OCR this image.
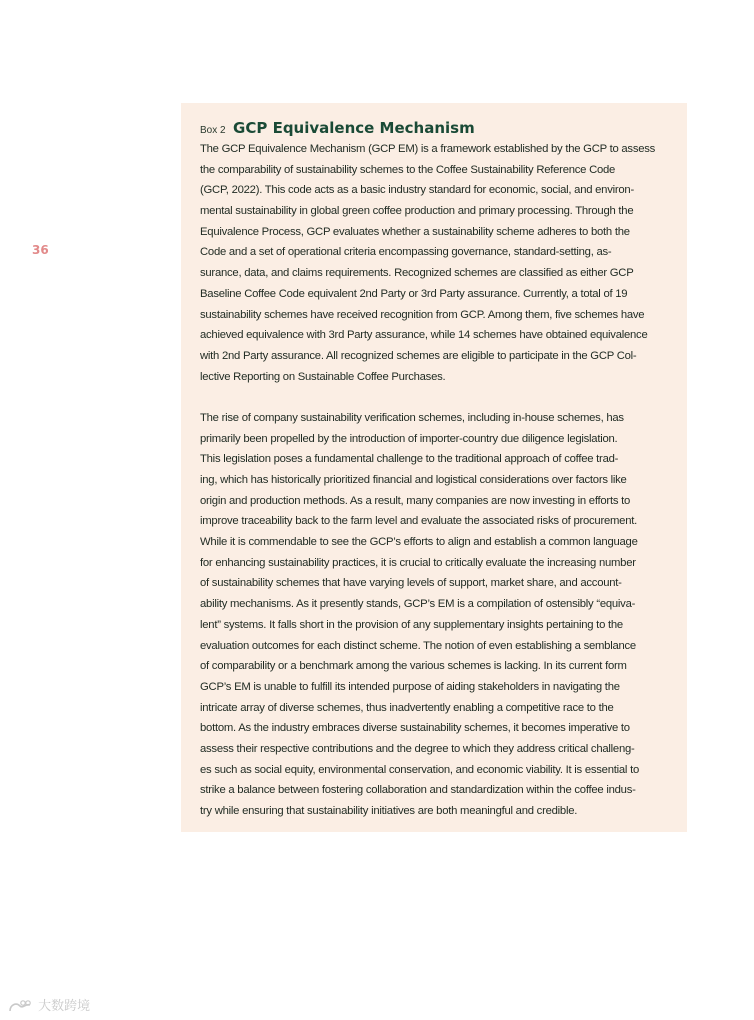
36
Box 2 GCP Equivalence Mechanism

The GCP Equivalence Mechanism (GCP EM) is a framework established by the GCP to assess
the comparability of sustainability schemes to the Coffee Sustainability Reference Code
(GCP, 2022). This code acts as a basic industry standard for economic, social, and environ-
mental sustainability in global green coffee production and primary processing. Through the
Equivalence Process, GCP evaluates whether a sustainability scheme adheres to both the
Code and a set of operational criteria encompassing governance, standard-setting, as-
surance, data, and claims requirements. Recognized schemes are classified as either GCP
Baseline Coffee Code equivalent 2nd Party or 3rd Party assurance. Currently, a total of 19
sustainability schemes have received recognition from GCP. Among them, five schemes have
achieved equivalence with 3rd Party assurance, while 14 schemes have obtained equivalence
with 2nd Party assurance. All recognized schemes are eligible to participate in the GCP Col-
lective Reporting on Sustainable Coffee Purchases.

The rise of company sustainability verification schemes, including in-house schemes, has
primarily been propelled by the introduction of importer-country due diligence legislation.
This legislation poses a fundamental challenge to the traditional approach of coffee trad-
ing, which has historically prioritized financial and logistical considerations over factors like
origin and production methods. As a result, many companies are now investing in efforts to
improve traceability back to the farm level and evaluate the associated risks of procurement.
While it is commendable to see the GCP’s efforts to align and establish a common language
for enhancing sustainability practices, it is crucial to critically evaluate the increasing number
of sustainability schemes that have varying levels of support, market share, and account-
ability mechanisms. As it presently stands, GCP’s EM is a compilation of ostensibly “equiva-
lent” systems. It falls short in the provision of any supplementary insights pertaining to the
evaluation outcomes for each distinct scheme. The notion of even establishing a semblance
of comparability or a benchmark among the various schemes is lacking. In its current form
GCP’s EM is unable to fulfill its intended purpose of aiding stakeholders in navigating the
intricate array of diverse schemes, thus inadvertently enabling a competitive race to the
bottom. As the industry embraces diverse sustainability schemes, it becomes imperative to
assess their respective contributions and the degree to which they address critical challeng-
es such as social equity, environmental conservation, and economic viability. It is essential to
strike a balance between fostering collaboration and standardization within the coffee indus-
try while ensuring that sustainability initiatives are both meaningful and credible.

大数跨境
